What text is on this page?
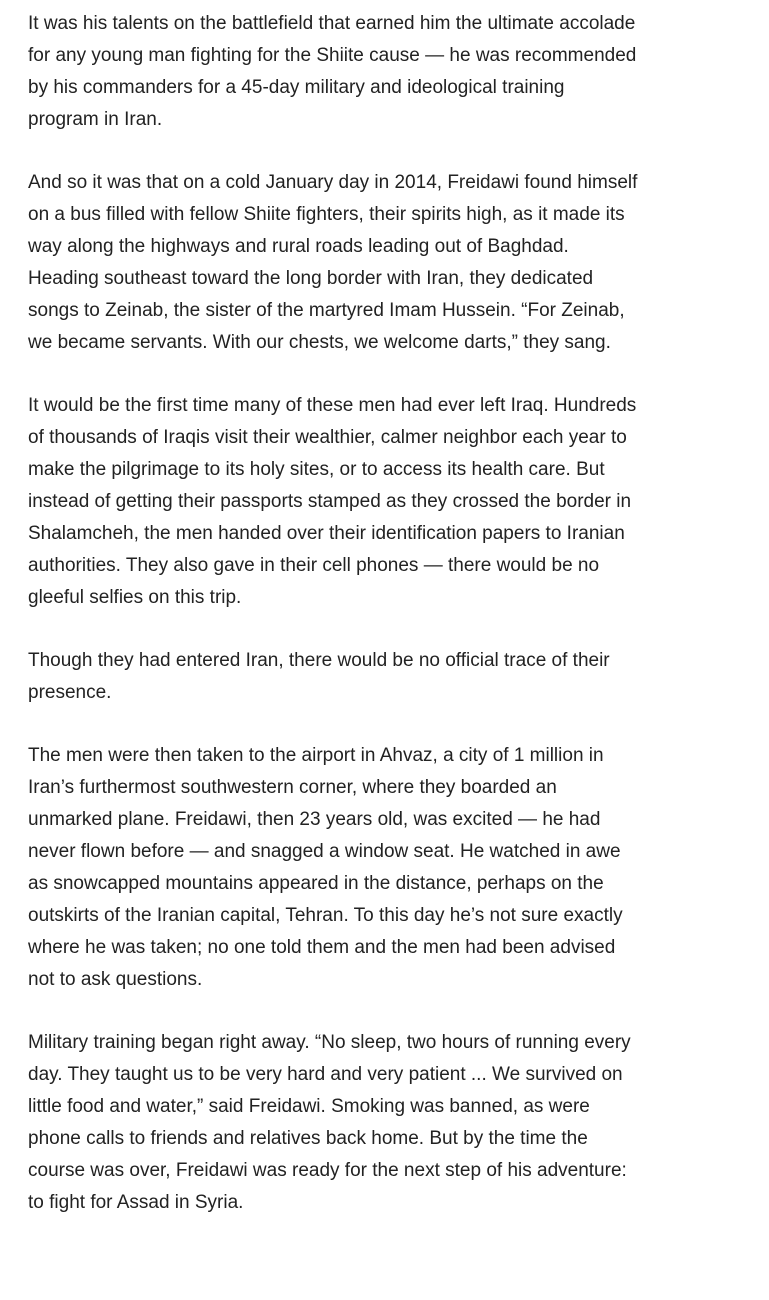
It was his talents on the battlefield that earned him the ultimate accolade for any young man fighting for the Shiite cause — he was recommended by his commanders for a 45-day military and ideological training program in Iran.

And so it was that on a cold January day in 2014, Freidawi found himself on a bus filled with fellow Shiite fighters, their spirits high, as it made its way along the highways and rural roads leading out of Baghdad. Heading southeast toward the long border with Iran, they dedicated songs to Zeinab, the sister of the martyred Imam Hussein. “For Zeinab, we became servants. With our chests, we welcome darts,” they sang.

It would be the first time many of these men had ever left Iraq. Hundreds of thousands of Iraqis visit their wealthier, calmer neighbor each year to make the pilgrimage to its holy sites, or to access its health care. But instead of getting their passports stamped as they crossed the border in Shalamcheh, the men handed over their identification papers to Iranian authorities. They also gave in their cell phones — there would be no gleeful selfies on this trip.

Though they had entered Iran, there would be no official trace of their presence.

The men were then taken to the airport in Ahvaz, a city of 1 million in Iran’s furthermost southwestern corner, where they boarded an unmarked plane. Freidawi, then 23 years old, was excited — he had never flown before — and snagged a window seat. He watched in awe as snowcapped mountains appeared in the distance, perhaps on the outskirts of the Iranian capital, Tehran. To this day he’s not sure exactly where he was taken; no one told them and the men had been advised not to ask questions.

Military training began right away. “No sleep, two hours of running every day. They taught us to be very hard and very patient ... We survived on little food and water,” said Freidawi. Smoking was banned, as were phone calls to friends and relatives back home. But by the time the course was over, Freidawi was ready for the next step of his adventure: to fight for Assad in Syria.
